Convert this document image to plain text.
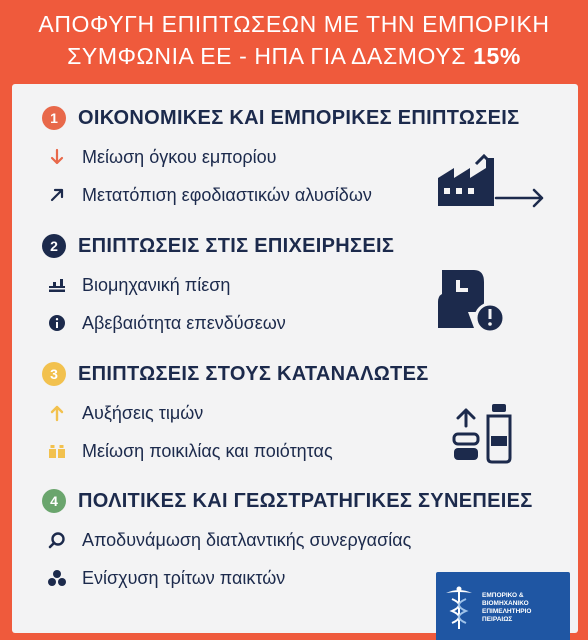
ΑΠΟΦΥΓΗ ΕΠΙΠΤΩΣΕΩΝ ΜΕ ΤΗΝ ΕΜΠΟΡΙΚΗ
ΣΥΜΦΩΝΙΑ ΕΕ - ΗΠΑ ΓΙΑ ΔΑΣΜΟΥΣ 15%
1	ΟΙΚΟΝΟΜΙΚΕΣ ΚΑΙ ΕΜΠΟΡΙΚΕΣ ΕΠΙΠΤΩΣΕΙΣ
Μείωση όγκου εμπορίου
Μετατόπιση εφοδιαστικών αλυσίδων
2	ΕΠΙΠΤΩΣΕΙΣ ΣΤΙΣ ΕΠΙΧΕΙΡΗΣΕΙΣ
Βιομηχανική πίεση
Αβεβαιότητα επενδύσεων
3	ΕΠΙΠΤΩΣΕΙΣ ΣΤΟΥΣ ΚΑΤΑΝΑΛΩΤΕΣ
Αυξήσεις τιμών
Μείωση ποικιλίας και ποιότητας
4	ΠΟΛΙΤΙΚΕΣ ΚΑΙ ΓΕΩΣΤΡΑΤΗΓΙΚΕΣ ΣΥΝΕΠΕΙΕΣ
Αποδυνάμωση διατλαντικής συνεργασίας
Ενίσχυση τρίτων παικτών
ΕΜΠΟΡΙΚΟ &
ΒΙΟΜΗΧΑΝΙΚΟ
ΕΠΙΜΕΛΗΤΗΡΙΟ
ΠΕΙΡΑΙΩΣ
